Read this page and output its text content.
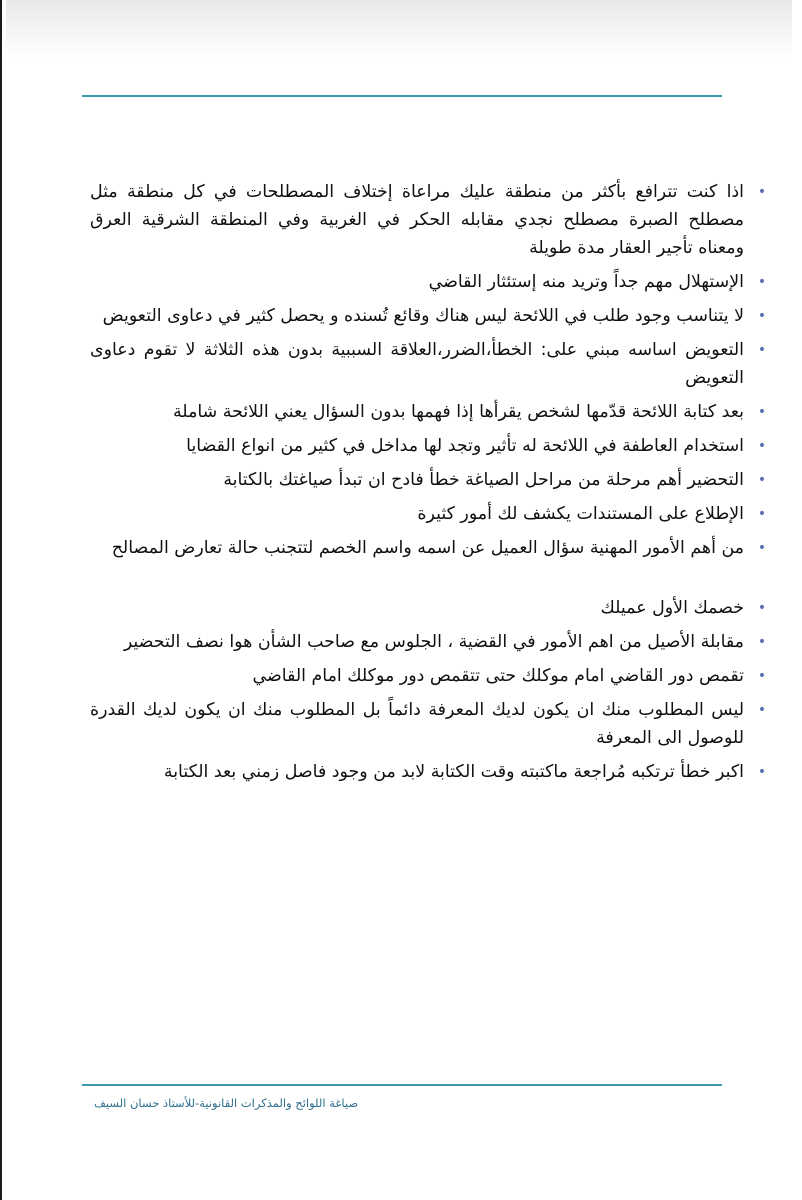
•
اذا كنت تترافع بأكثر من منطقة عليك مراعاة إختلاف المصطلحات في كل منطقة مثل مصطلح الصبرة مصطلح نجدي مقابله الحكر في الغربية وفي المنطقة الشرقية العرق ومعناه تأجير العقار مدة طويلة
•
الإستهلال مهم جداً وتريد منه إستئثار القاضي
•
لا يتناسب وجود طلب في اللائحة ليس هناك وقائع تُسنده و يحصل كثير في دعاوى التعويض
•
التعويض اساسه مبني على: الخطأ،الضرر،العلاقة السببية بدون هذه الثلاثة لا تقوم دعاوى التعويض
•
بعد كتابة اللائحة قدّمها لشخص يقرأها إذا فهمها بدون السؤال يعني اللائحة شاملة
•
استخدام العاطفة في اللائحة له تأثير وتجد لها مداخل في كثير من انواع القضايا
•
التحضير أهم مرحلة من مراحل الصياغة خطأ فادح ان تبدأ صياغتك بالكتابة
•
الإطلاع على المستندات يكشف لك أمور كثيرة
•
من أهم الأمور المهنية سؤال العميل عن اسمه واسم الخصم لتتجنب حالة تعارض المصالح
•
خصمك الأول عميلك
•
مقابلة الأصيل من اهم الأمور في القضية ، الجلوس مع صاحب الشأن هوا نصف التحضير
•
تقمص دور القاضي امام موكلك حتى تتقمص دور موكلك امام القاضي
•
ليس المطلوب منك ان يكون لديك المعرفة دائماً بل المطلوب منك ان يكون لديك القدرة للوصول الى المعرفة
•
اكبر خطأ ترتكبه مُراجعة ماكتبته وقت الكتابة لابد من وجود فاصل زمني بعد الكتابة
صياغة اللوائح والمذكرات القانونية-للأستاذ حسان السيف
